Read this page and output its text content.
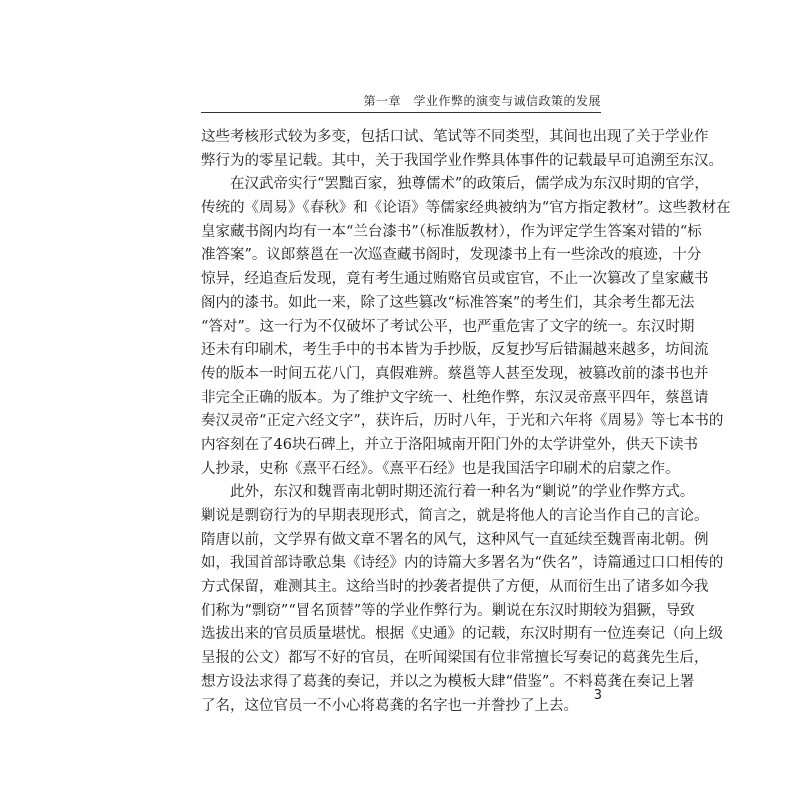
第一章　学业作弊的演变与诚信政策的发展
这些考核形式较为多变，包括口试、笔试等不同类型，其间也出现了关于学业作
弊行为的零星记载。其中，关于我国学业作弊具体事件的记载最早可追溯至东汉。
在汉武帝实行“罢黜百家，独尊儒术”的政策后，儒学成为东汉时期的官学，
传统的《周易》《春秋》和《论语》等儒家经典被纳为“官方指定教材”。这些教材在
皇家藏书阁内均有一本“兰台漆书”（标准版教材），作为评定学生答案对错的“标
准答案”。议郎蔡邕在一次巡查藏书阁时，发现漆书上有一些涂改的痕迹，十分
惊异，经追查后发现，竟有考生通过贿赂官员或宦官，不止一次篡改了皇家藏书
阁内的漆书。如此一来，除了这些篡改“标准答案”的考生们，其余考生都无法
“答对”。这一行为不仅破坏了考试公平，也严重危害了文字的统一。东汉时期
还未有印刷术，考生手中的书本皆为手抄版，反复抄写后错漏越来越多，坊间流
传的版本一时间五花八门，真假难辨。蔡邕等人甚至发现，被篡改前的漆书也并
非完全正确的版本。为了维护文字统一、杜绝作弊，东汉灵帝熹平四年，蔡邕请
奏汉灵帝“正定六经文字”，获许后，历时八年，于光和六年将《周易》等七本书的
内容刻在了46块石碑上，并立于洛阳城南开阳门外的太学讲堂外，供天下读书
人抄录，史称《熹平石经》。《熹平石经》也是我国活字印刷术的启蒙之作。
此外，东汉和魏晋南北朝时期还流行着一种名为“剿说”的学业作弊方式。
剿说是剽窃行为的早期表现形式，简言之，就是将他人的言论当作自己的言论。
隋唐以前，文学界有做文章不署名的风气，这种风气一直延续至魏晋南北朝。例
如，我国首部诗歌总集《诗经》内的诗篇大多署名为“佚名”，诗篇通过口口相传的
方式保留，难测其主。这给当时的抄袭者提供了方便，从而衍生出了诸多如今我
们称为“剽窃”“冒名顶替”等的学业作弊行为。剿说在东汉时期较为猖獗，导致
选拔出来的官员质量堪忧。根据《史通》的记载，东汉时期有一位连奏记（向上级
呈报的公文）都写不好的官员，在听闻梁国有位非常擅长写奏记的葛龚先生后，
想方设法求得了葛龚的奏记，并以之为模板大肆“借鉴”。不料葛龚在奏记上署
了名，这位官员一不小心将葛龚的名字也一并誊抄了上去。
3
